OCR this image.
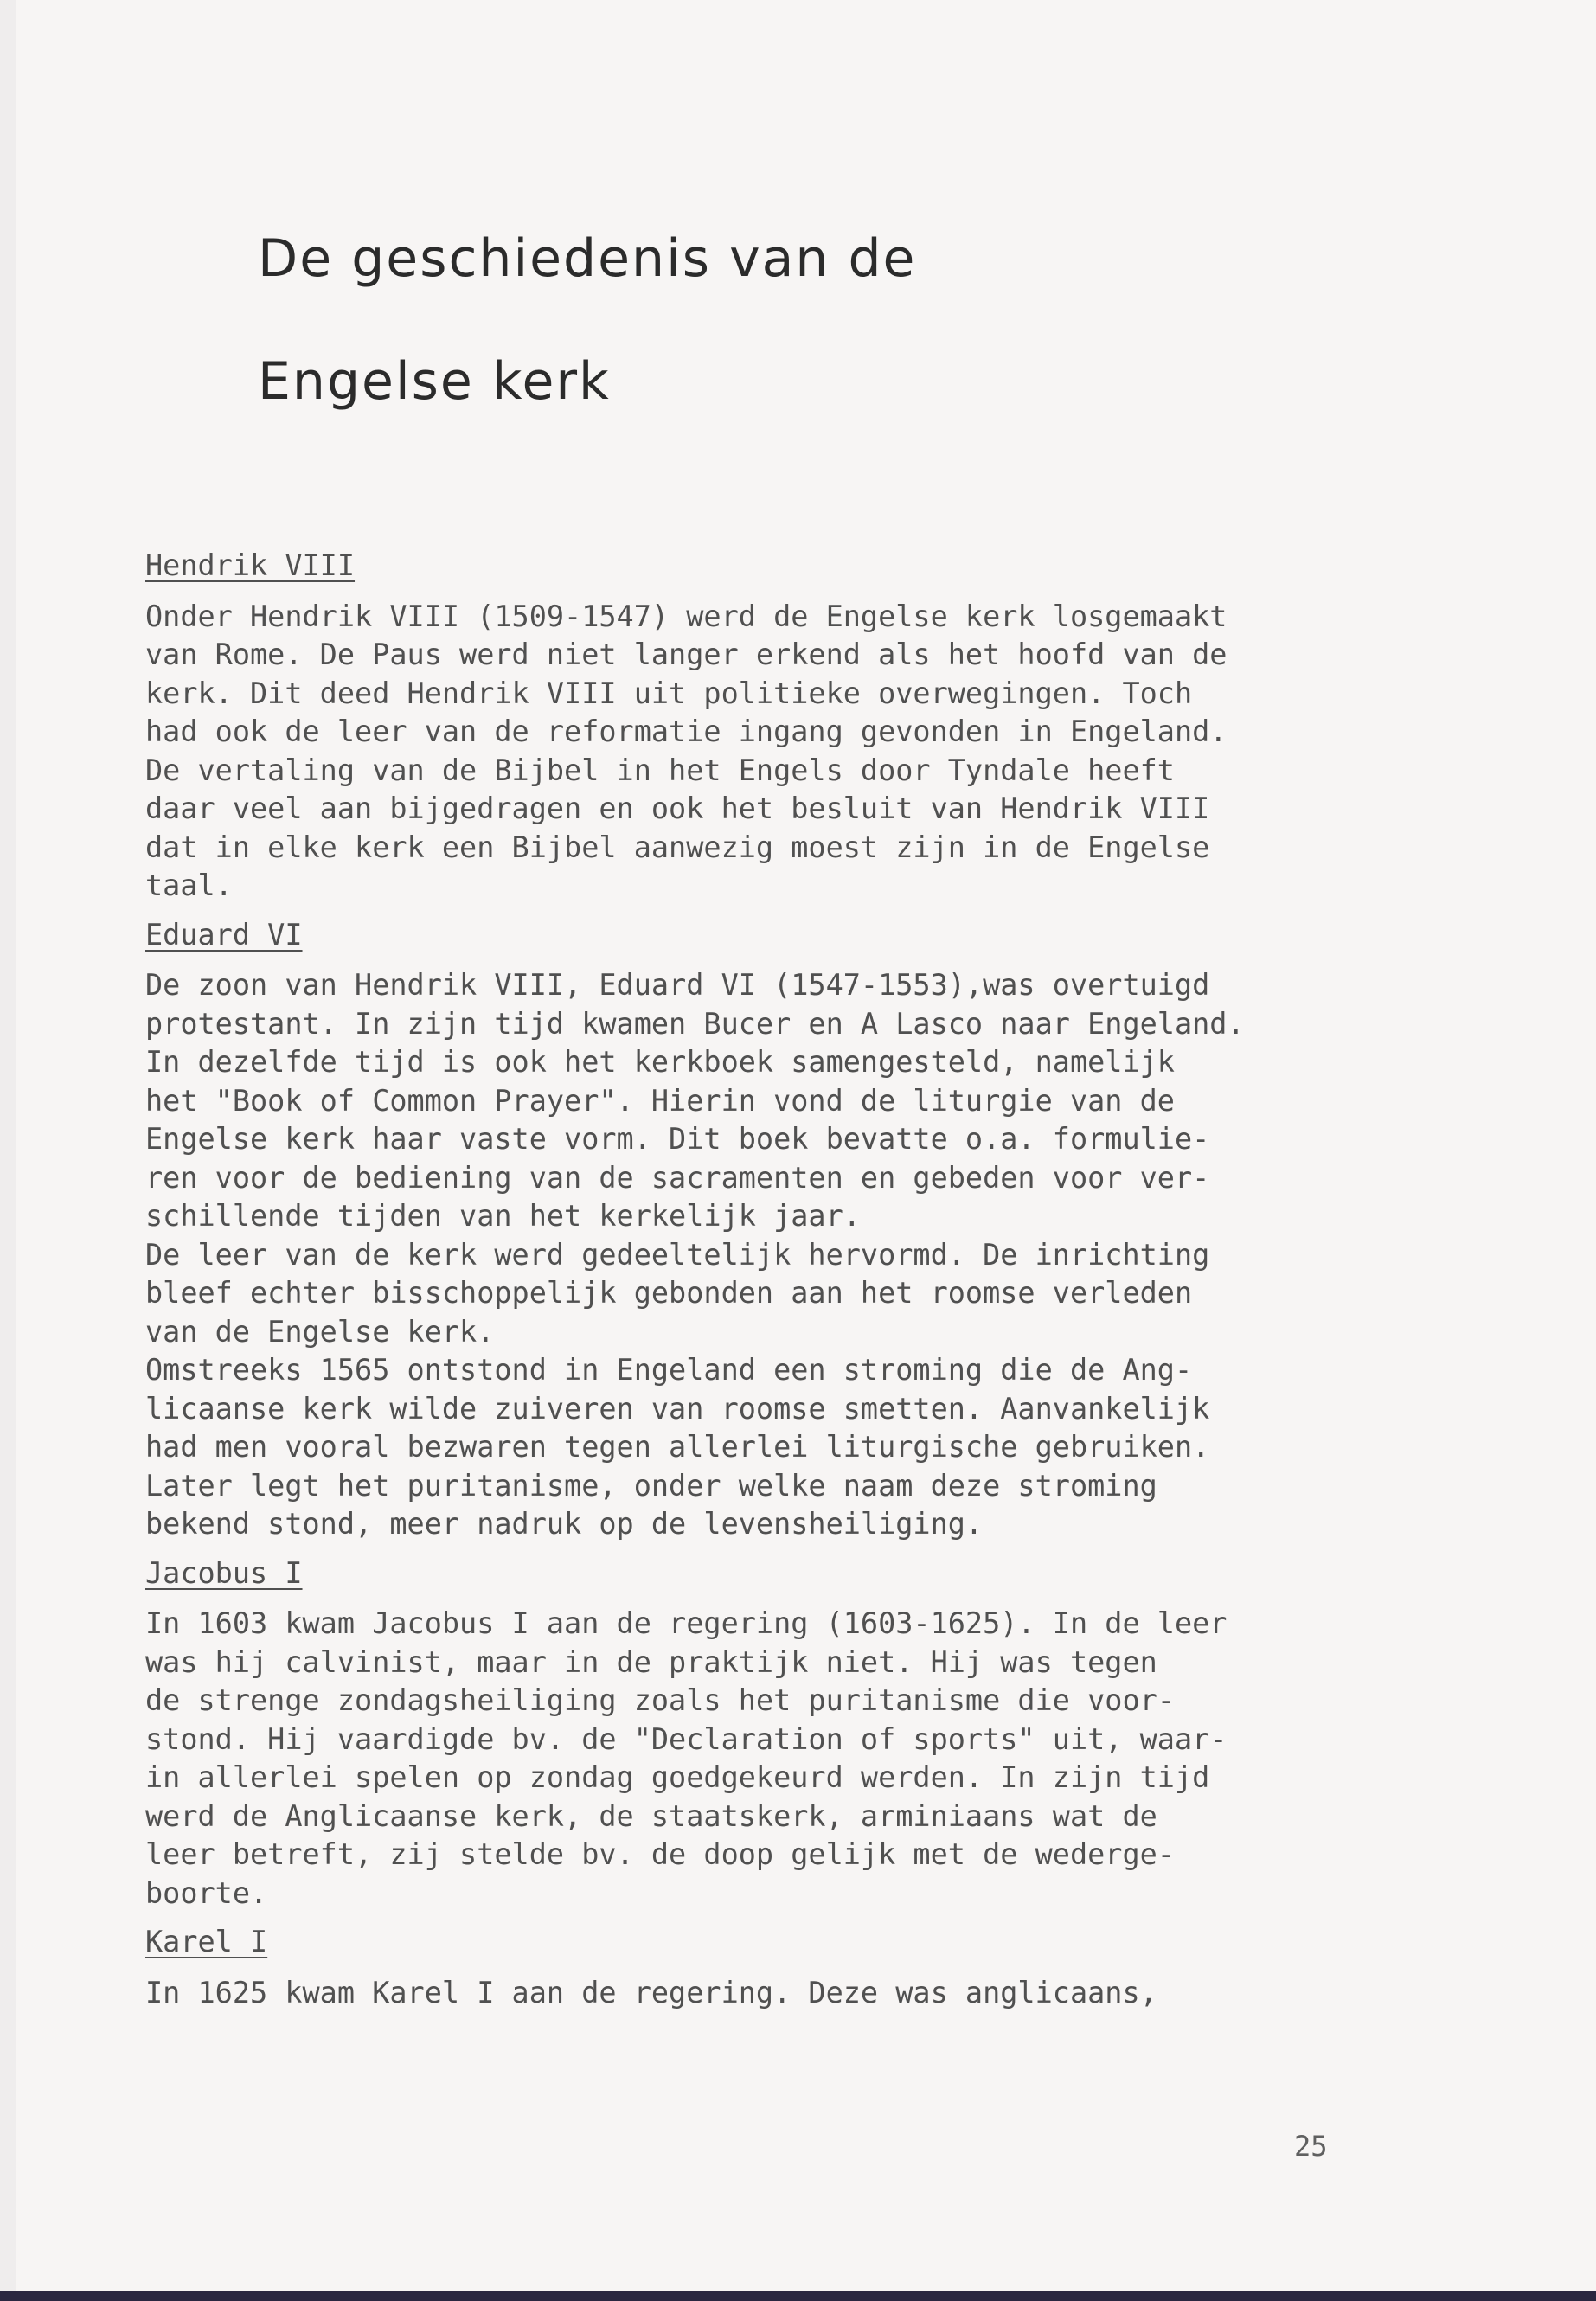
De geschiedenis van de
Engelse kerk
Hendrik VIII
Onder Hendrik VIII (1509-1547) werd de Engelse kerk losgemaakt
van Rome. De Paus werd niet langer erkend als het hoofd van de
kerk. Dit deed Hendrik VIII uit politieke overwegingen. Toch
had ook de leer van de reformatie ingang gevonden in Engeland.
De vertaling van de Bijbel in het Engels door Tyndale heeft
daar veel aan bijgedragen en ook het besluit van Hendrik VIII
dat in elke kerk een Bijbel aanwezig moest zijn in de Engelse
taal.
Eduard VI
De zoon van Hendrik VIII, Eduard VI (1547-1553),was overtuigd
protestant. In zijn tijd kwamen Bucer en A Lasco naar Engeland.
In dezelfde tijd is ook het kerkboek samengesteld, namelijk
het "Book of Common Prayer". Hierin vond de liturgie van de
Engelse kerk haar vaste vorm. Dit boek bevatte o.a. formulie-
ren voor de bediening van de sacramenten en gebeden voor ver-
schillende tijden van het kerkelijk jaar.
De leer van de kerk werd gedeeltelijk hervormd. De inrichting
bleef echter bisschoppelijk gebonden aan het roomse verleden
van de Engelse kerk.
Omstreeks 1565 ontstond in Engeland een stroming die de Ang-
licaanse kerk wilde zuiveren van roomse smetten. Aanvankelijk
had men vooral bezwaren tegen allerlei liturgische gebruiken.
Later legt het puritanisme, onder welke naam deze stroming
bekend stond, meer nadruk op de levensheiliging.
Jacobus I
In 1603 kwam Jacobus I aan de regering (1603-1625). In de leer
was hij calvinist, maar in de praktijk niet. Hij was tegen
de strenge zondagsheiliging zoals het puritanisme die voor-
stond. Hij vaardigde bv. de "Declaration of sports" uit, waar-
in allerlei spelen op zondag goedgekeurd werden. In zijn tijd
werd de Anglicaanse kerk, de staatskerk, arminiaans wat de
leer betreft, zij stelde bv. de doop gelijk met de wederge-
boorte.
Karel I
In 1625 kwam Karel I aan de regering. Deze was anglicaans,
25
